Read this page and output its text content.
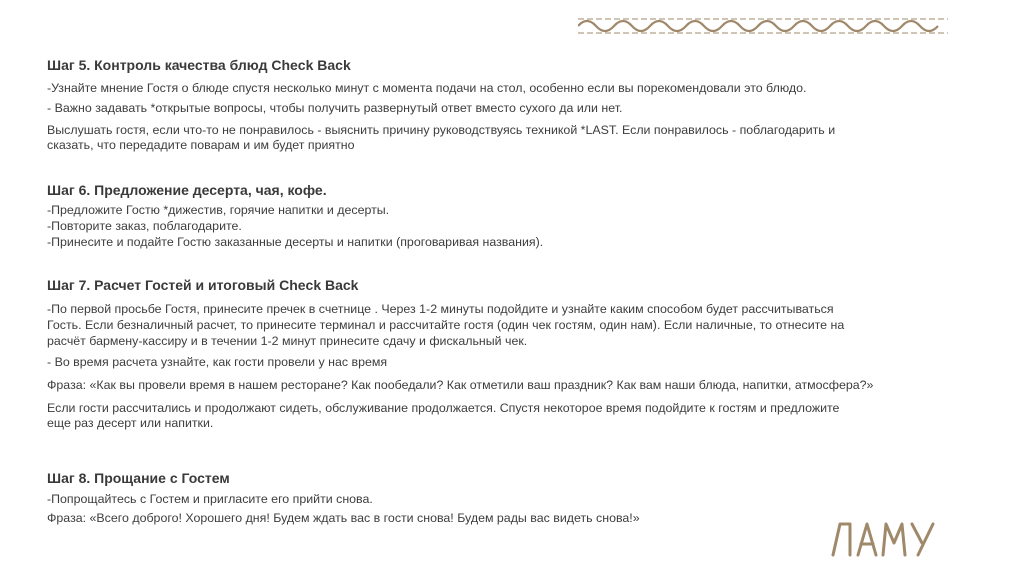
Шаг 5. Контроль качества блюд Check Back

-Узнайте мнение Гостя о блюде спустя несколько минут с момента подачи на стол, особенно если вы порекомендовали это блюдо.

- Важно задавать *открытые вопросы, чтобы получить развернутый ответ вместо сухого да или нет.

Выслушать гостя, если что-то не понравилось - выяснить причину руководствуясь техникой *LAST. Если понравилось - поблагодарить и

сказать, что передадите поварам и им будет приятно

Шаг 6. Предложение десерта, чая, кофе.

-Предложите Гостю *дижестив, горячие напитки и десерты.

-Повторите заказ, поблагодарите.

-Принесите и подайте Гостю заказанные десерты и напитки (проговаривая названия).

Шаг 7. Расчет Гостей и итоговый Check Back

-По первой просьбе Гостя, принесите пречек в счетнице . Через 1-2 минуты подойдите и узнайте каким способом будет рассчитываться

Гость. Если безналичный расчет, то принесите терминал и рассчитайте гостя (один чек гостям, один нам). Если наличные, то отнесите на

расчёт бармену-кассиру и в течении 1-2 минут принесите сдачу и фискальный чек.

- Во время расчета узнайте, как гости провели у нас время

Фраза: «Как вы провели время в нашем ресторане? Как пообедали? Как отметили ваш праздник? Как вам наши блюда, напитки, атмосфера?»

Если гости рассчитались и продолжают сидеть, обслуживание продолжается. Спустя некоторое время подойдите к гостям и предложите

еще раз десерт или напитки.

Шаг 8. Прощание с Гостем

-Попрощайтесь с Гостем и пригласите его прийти снова.

Фраза: «Всего доброго! Хорошего дня! Будем ждать вас в гости снова! Будем рады вас видеть снова!»
